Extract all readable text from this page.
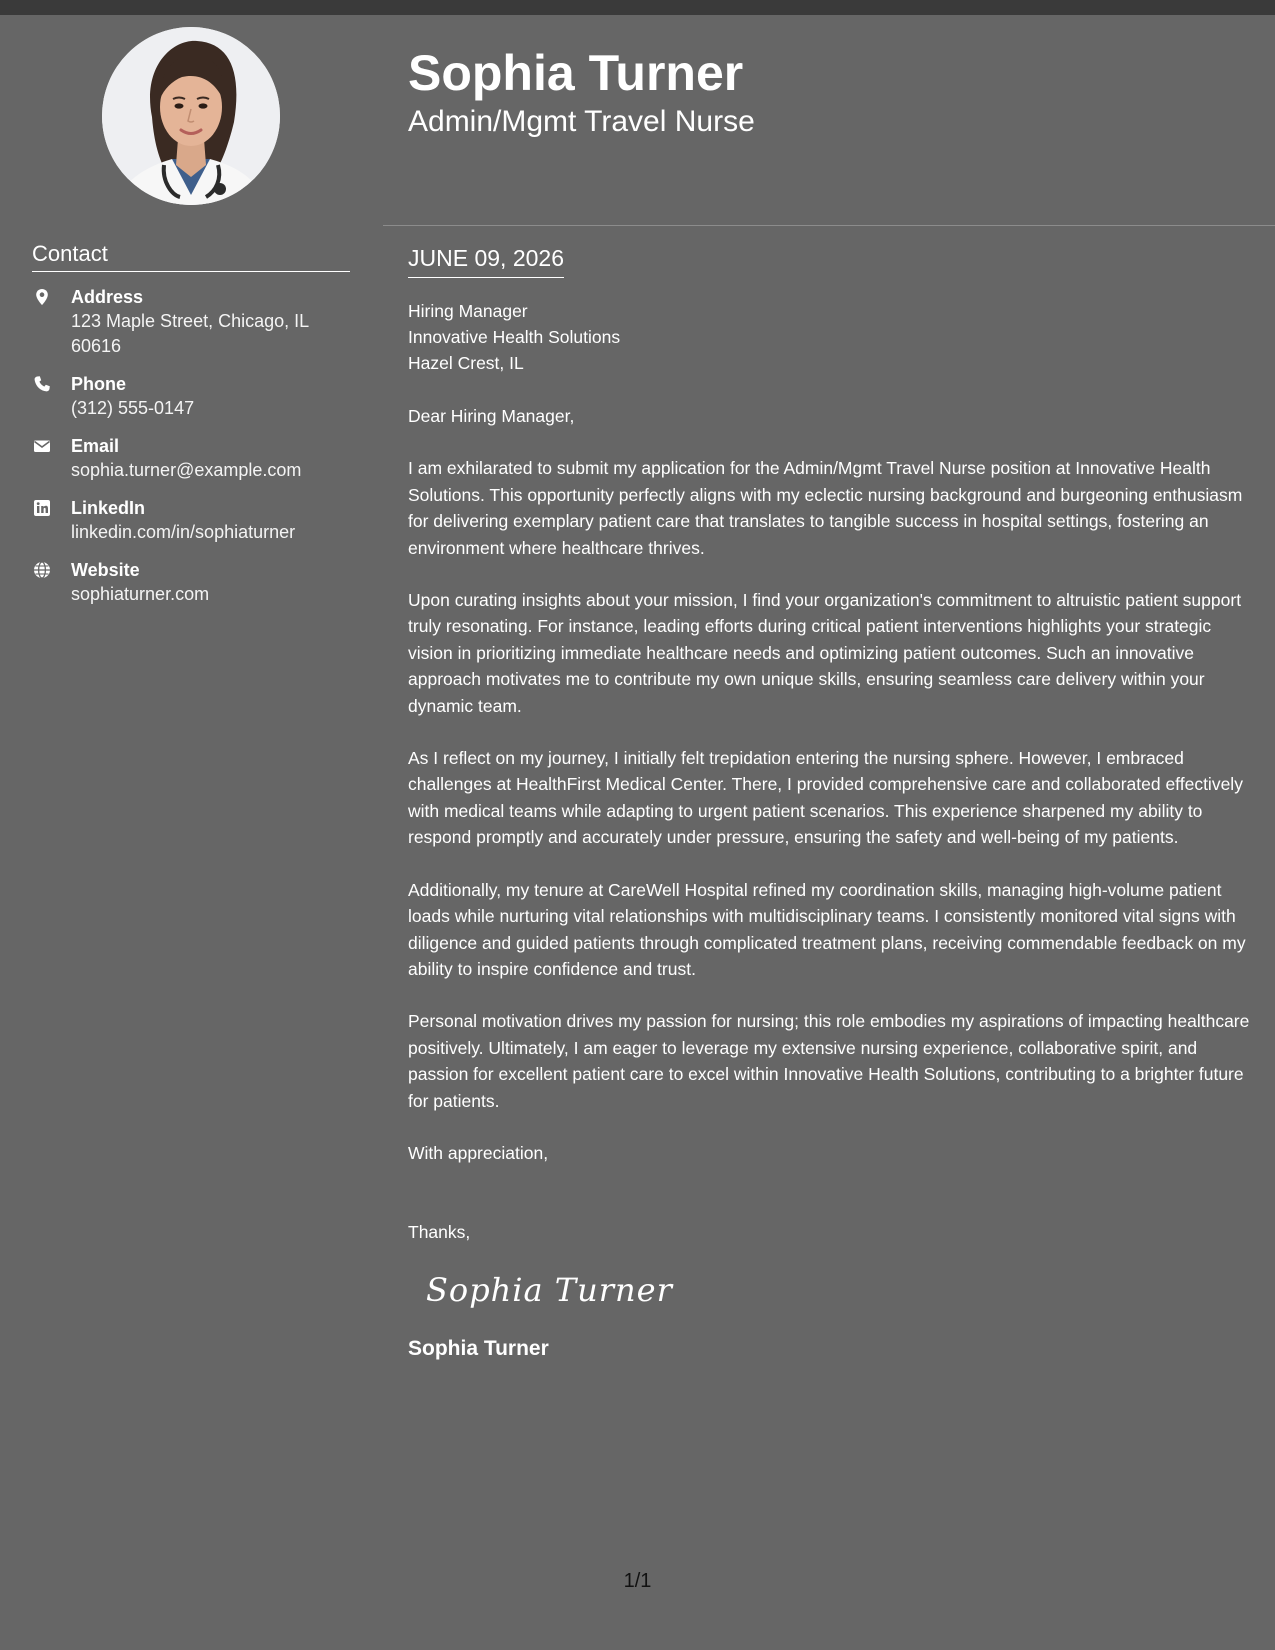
Contact
Address
123 Maple Street, Chicago, IL 60616
Phone
(312) 555-0147
Email
sophia.turner@example.com
LinkedIn
linkedin.com/in/sophiaturner
Website
sophiaturner.com
Sophia Turner
Admin/Mgmt Travel Nurse
JUNE 09, 2026
Hiring Manager
Innovative Health Solutions
Hazel Crest, IL

Dear Hiring Manager,

I am exhilarated to submit my application for the Admin/Mgmt Travel Nurse position at Innovative Health Solutions. This opportunity perfectly aligns with my eclectic nursing background and burgeoning enthusiasm for delivering exemplary patient care that translates to tangible success in hospital settings, fostering an environment where healthcare thrives.

Upon curating insights about your mission, I find your organization's commitment to altruistic patient support truly resonating. For instance, leading efforts during critical patient interventions highlights your strategic vision in prioritizing immediate healthcare needs and optimizing patient outcomes. Such an innovative approach motivates me to contribute my own unique skills, ensuring seamless care delivery within your dynamic team.

As I reflect on my journey, I initially felt trepidation entering the nursing sphere. However, I embraced challenges at HealthFirst Medical Center. There, I provided comprehensive care and collaborated effectively with medical teams while adapting to urgent patient scenarios. This experience sharpened my ability to respond promptly and accurately under pressure, ensuring the safety and well-being of my patients.

Additionally, my tenure at CareWell Hospital refined my coordination skills, managing high-volume patient loads while nurturing vital relationships with multidisciplinary teams. I consistently monitored vital signs with diligence and guided patients through complicated treatment plans, receiving commendable feedback on my ability to inspire confidence and trust.

Personal motivation drives my passion for nursing; this role embodies my aspirations of impacting healthcare positively. Ultimately, I am eager to leverage my extensive nursing experience, collaborative spirit, and passion for excellent patient care to excel within Innovative Health Solutions, contributing to a brighter future for patients.

With appreciation,

Thanks,

Sophia Turner
Sophia Turner
1/1
